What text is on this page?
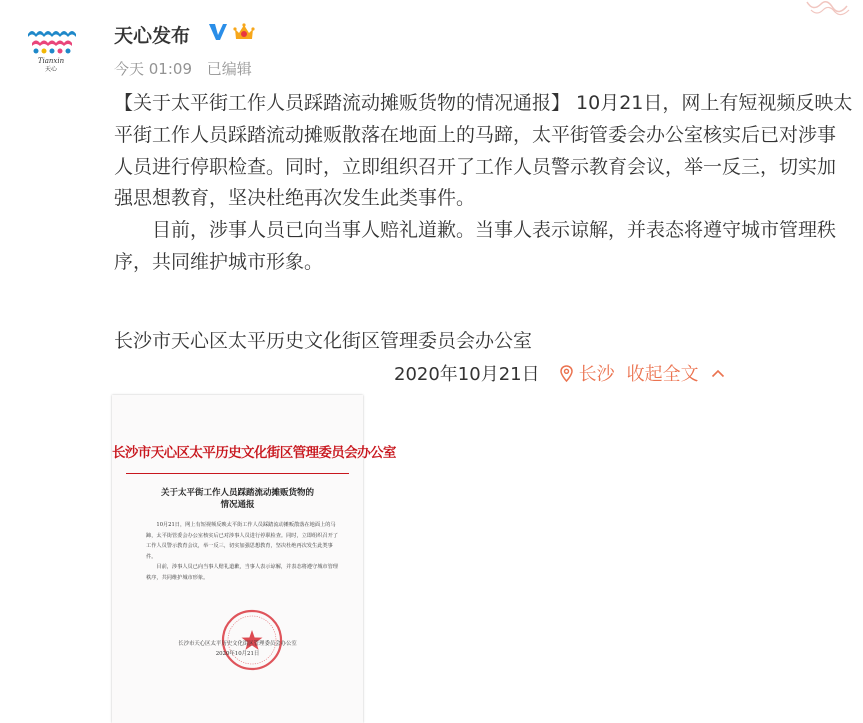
Tianxin
天心
天心发布
今天 01:09 已编辑

【关于太平街工作人员踩踏流动摊贩货物的情况通报】 10月21日，网上有短视频反映太平街工作人员踩踏流动摊贩散落在地面上的马蹄，太平街管委会办公室核实后已对涉事人员进行停职检查。同时，立即组织召开了工作人员警示教育会议，举一反三，切实加强思想教育，坚决杜绝再次发生此类事件。

目前，涉事人员已向当事人赔礼道歉。当事人表示谅解，并表态将遵守城市管理秩序，共同维护城市形象。

长沙市天心区太平历史文化街区管理委员会办公室
2020年10月21日 长沙 收起全文
长沙市天心区太平历史文化街区管理委员会办公室
关于太平街工作人员踩踏流动摊贩货物的
情况通报

10月21日，网上有短视频反映太平街工作人员踩踏流动摊贩散落在地面上的马蹄，太平街管委会办公室核实后已对涉事人员进行停职检查。同时，立即组织召开了工作人员警示教育会议，举一反三，切实加强思想教育，坚决杜绝再次发生此类事件。

目前，涉事人员已向当事人赔礼道歉，当事人表示谅解，并表态将遵守城市管理秩序，共同维护城市形象。

长沙市天心区太平历史文化街区管理委员会办公室
2020年10月21日
